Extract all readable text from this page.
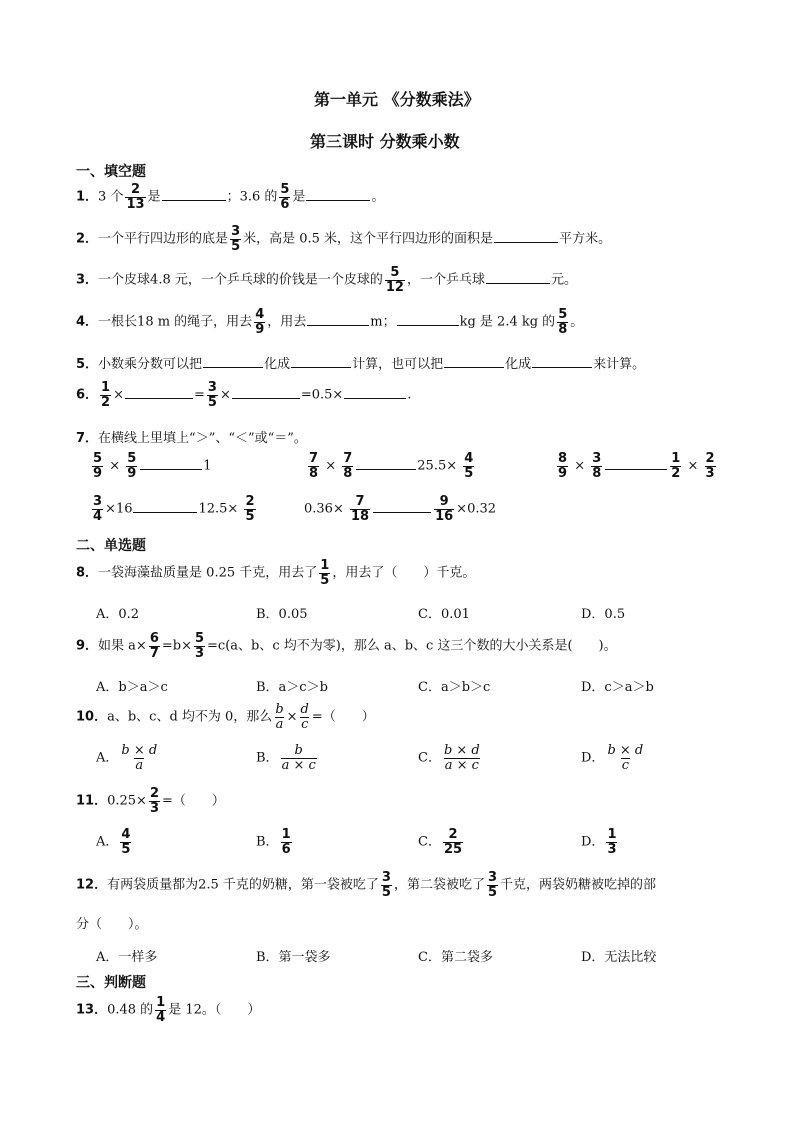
第一单元 《分数乘法》
第三课时 分数乘小数
一、填空题
1．3 个 $\frac{2}{13}$ 是	；3.6 的 $\frac{5}{6}$ 是	。
2．一个平行四边形的底是 $\frac{3}{5}$ 米，高是 0.5 米，这个平行四边形的面积是	平方米。
3．一个皮球4.8 元，一个乒乓球的价钱是一个皮球的 $\frac{5}{12}$ ，一个乒乓球	元。
4．一根长18 m 的绳子，用去 $\frac{4}{9}$ ，用去	m；	kg 是 2.4 kg 的 $\frac{5}{8}$ 。
5．小数乘分数可以把	化成	计算，也可以把	化成	来计算。
6． $\frac{1}{2}$ ×	= $\frac{3}{5}$ ×	=0.5×	.
7．在横线上里填上“＞”、“＜”或“＝”。
$\frac{5}{9} \times \frac{5}{9}$	1	$\frac{7}{8} \times \frac{7}{8}$	$25.5\times \frac{4}{5}$	$\frac{8}{9} \times \frac{3}{8}$	$\frac{1}{2} \times \frac{2}{3}$
$\frac{3}{4} \times 16$	$12.5\times \frac{2}{5}$	$0.36\times \frac{7}{18}$	$\frac{9}{16} \times 0.32$
二、单选题
8．一袋海藻盐质量是 0.25 千克，用去了 $\frac{1}{5}$ ，用去了（　　）千克。
A．0.2	B．0.05	C．0.01	D．0.5
9．如果 $a\times \frac{6}{7} =b\times \frac{5}{3} =c(a$、b、c 均不为零)，那么 a、b、c 这三个数的大小关系是(　　)。
A．b＞a＞c	B．a＞c＞b	C．a＞b＞c	D．c＞a＞b
10．a、b、c、d 均不为 0，那么 $\frac{b}{a} \times \frac{d}{c}$ =（　　）
A． $\frac{b \times d}{a}$	B． $\frac{b}{a \times c}$	C． $\frac{b \times d}{a \times c}$	D． $\frac{b \times d}{c}$
11．$0.25\times \frac{2}{3}$ =（　　）
A． $\frac{4}{5}$	B． $\frac{1}{6}$	C． $\frac{2}{25}$	D． $\frac{1}{3}$
12．有两袋质量都为2.5 千克的奶糖，第一袋被吃了 $\frac{3}{5}$ ，第二袋被吃了 $\frac{3}{5}$ 千克，两袋奶糖被吃掉的部
分（　　）。
A．一样多	B．第一袋多	C．第二袋多	D．无法比较
三、判断题
13．0.48 的 $\frac{1}{4}$ 是 12。（　　）
